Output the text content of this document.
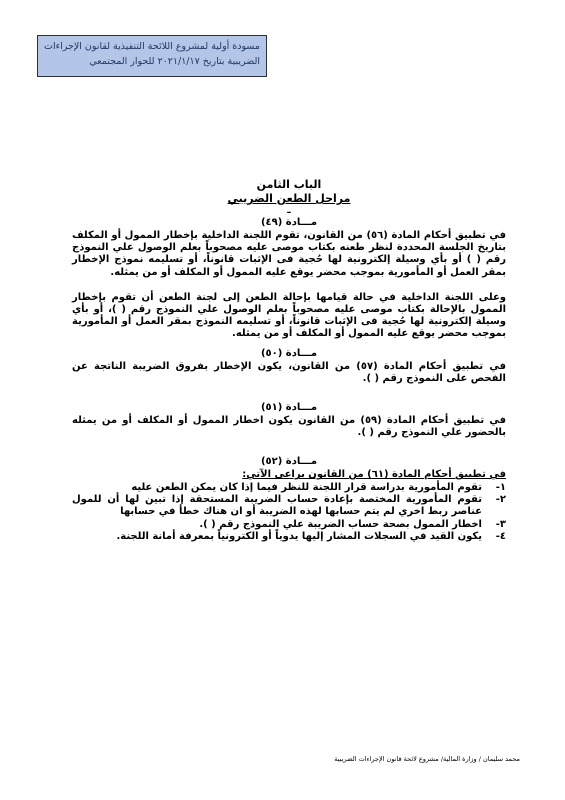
مسودة أولية لمشروع اللائحة التنفيذية لقانون الإجراءات
الضريبية بتاريخ ٢٠٢١/١/١٧ للحوار المجتمعي

الباب الثامن

مراحل الطعن الضريبي

ـ

مـــادة (٤٩)

في تطبيق أحكام المادة (٥٦) من القانون، تقوم اللجنة الداخلية بإخطار الممول أو المكلف بتاريخ الجلسة المحددة لنظر طعنه بكتاب موصى عليه مصحوباً بعلم الوصول علي النموذج رقم ( ) أو بأي وسيلة إلكترونية لها حُجية فى الإثبات قانوناً، أو تسليمه نموذج الإخطار بمقر العمل أو المأمورية بموجب محضر يوقع عليه الممول أو المكلف أو من يمثله.

وعلى اللجنة الداخلية في حالة قيامها بإحالة الطعن إلى لجنة الطعن أن تقوم بإخطار الممول بالإحالة بكتاب موصى عليه مصحوباً بعلم الوصول علي النموذج رقم ( )، أو بأي وسيلة إلكترونية لها حُجية فى الإثبات قانوناً، أو تسليمه النموذج بمقر العمل أو المأمورية بموجب محضر يوقع عليه الممول أو المكلف أو من يمثله.

مـــادة (٥٠)

في تطبيق أحكام المادة (٥٧) من القانون، يكون الإخطار بفروق الضريبة الناتجة عن الفحص على النموذج رقم ( ).

مـــادة (٥١)

في تطبيق أحكام المادة (٥٩) من القانون يكون اخطار الممول أو المكلف أو من يمثله بالحضور علي النموذج رقم ( ).

مـــادة (٥٢)

في تطبيق أحكام المادة (٦١) من القانون يراعى الآتي:

١-
تقوم المأمورية بدراسة قرار اللجنة للنظر فيما إذا كان يمكن الطعن عليه
٢-
تقوم المأمورية المختصة بإعادة حساب الضريبة المستحقة إذا تبين لها أن للمول عناصر ربط اخري لم يتم حسابها لهذه الضريبة أو ان هناك خطأ في حسابها
٣-
اخطار الممول بصحة حساب الضريبة علي النموذج رقم ( ).
٤-
يكون القيد في السجلات المشار إليها يدوياً أو الكترونياً بمعرفة أمانة اللجنة.
محمد سليمان / وزارة المالية/ مشروع لائحة قانون الإجراءات الضريبية
